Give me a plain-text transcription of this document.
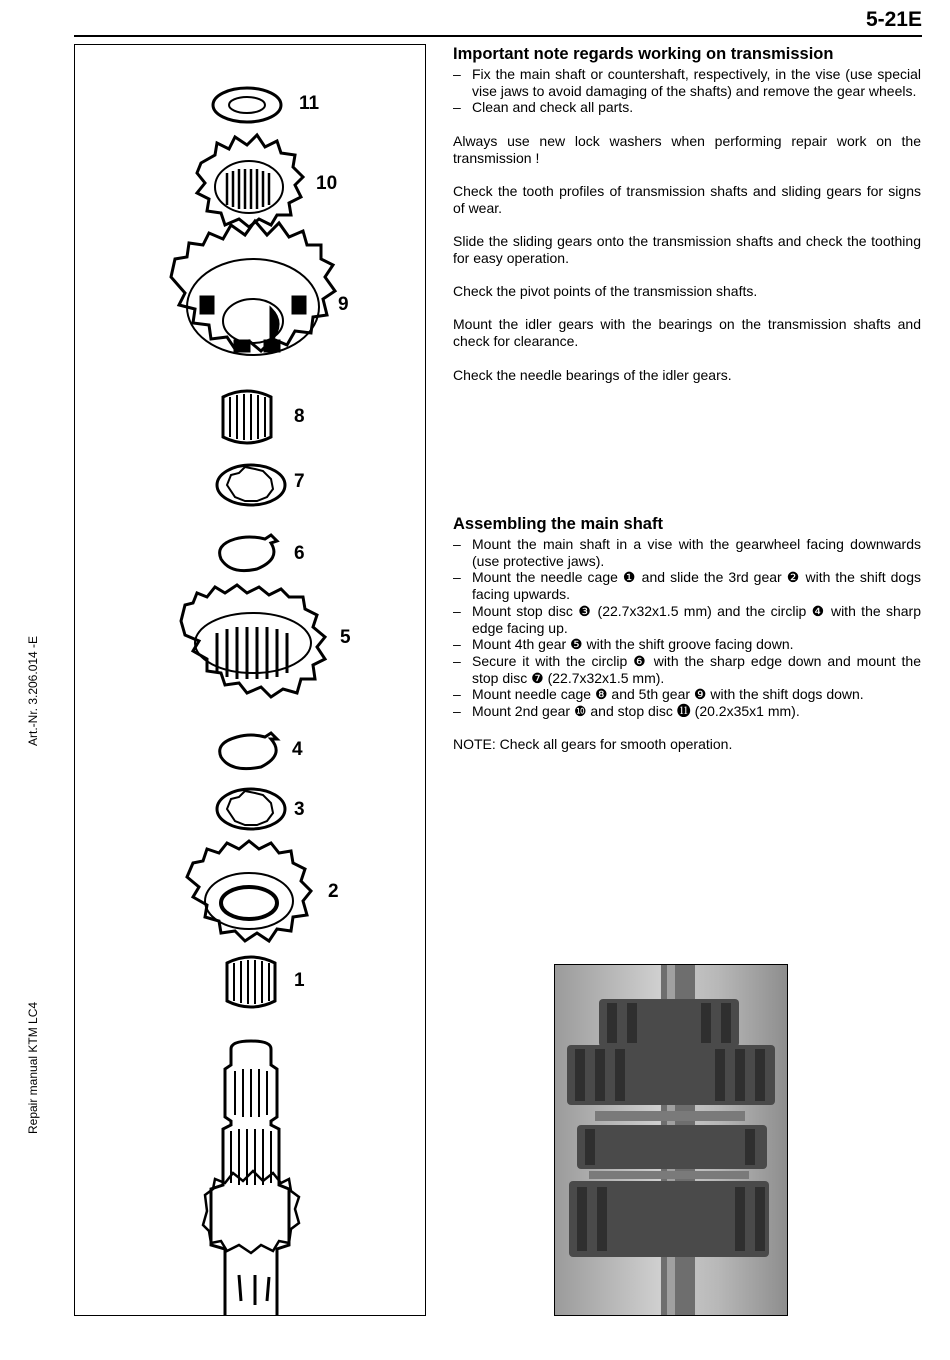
5-21E
Art.-Nr. 3.206.014 -E
Repair manual KTM LC4
11
10
9
8
7
6
5
4
3
2
1
Important note regards working on transmission
– Fix the main shaft or countershaft, respectively, in the vise (use special vise jaws to avoid damaging of the shafts) and remove the gear wheels.
– Clean and check all parts.

Always use new lock washers when performing repair work on the transmission !

Check the tooth profiles of transmission shafts and sliding gears for signs of wear.

Slide the sliding gears onto the transmission shafts and check the toothing for easy operation.

Check the pivot points of the transmission shafts.

Mount the idler gears with the bearings on the transmission shafts and check for clearance.

Check the needle bearings of the idler gears.

Assembling the main shaft
– Mount the main shaft in a vise with the gearwheel facing downwards (use protective jaws).
– Mount the needle cage ❶ and slide the 3rd gear ❷ with the shift dogs facing upwards.
– Mount stop disc ❸ (22.7x32x1.5 mm) and the circlip ❹ with the sharp edge facing up.
– Mount 4th gear ❺ with the shift groove facing down.
– Secure it with the circlip ❻ with the sharp edge down and mount the stop disc ❼ (22.7x32x1.5 mm).
– Mount needle cage ❽ and 5th gear ❾ with the shift dogs down.
– Mount 2nd gear ❿ and stop disc ⓫ (20.2x35x1 mm).

NOTE: Check all gears for smooth operation.
